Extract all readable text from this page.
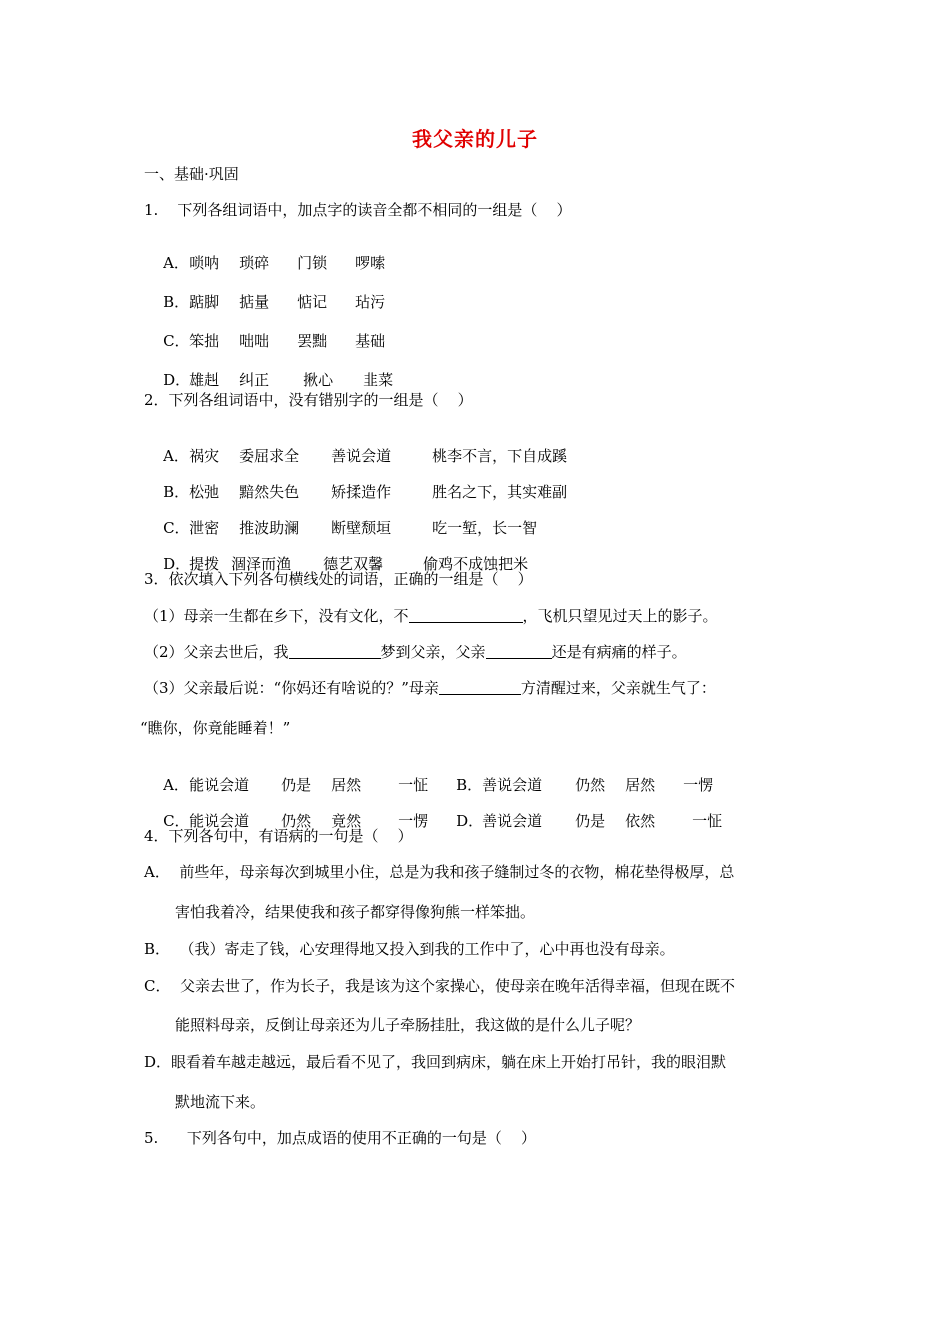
我父亲的儿子
一、基础·巩固
1.    下列各组词语中，加点字的读音全都不相同的一组是（    ）

A．唢呐 琐碎 门锁 啰嗦

B．踮脚 掂量 惦记 玷污

C．笨拙 咄咄 罢黜 基础

D．雄赳 纠正 揪心 韭菜

2．下列各组词语中，没有错别字的一组是（    ）

A．祸灾 委屈求全 善说会道	桃李不言，下自成蹊

B．松弛 黯然失色 矫揉造作	胜名之下，其实难副

C．泄密 推波助澜 断壁颓垣	吃一堑，长一智

D．提拨 涸泽而渔 德艺双馨	偷鸡不成蚀把米

3．依次填入下列各句横线处的词语，正确的一组是（    ）
（1）母亲一生都在乡下，没有文化，不	，飞机只望见过天上的影子。
（2）父亲去世后，我	梦到父亲，父亲	还是有病痛的样子。
（3）父亲最后说：“你妈还有啥说的？”母亲	方清醒过来，父亲就生气了：
“瞧你，你竟能睡着！”

A．能说会道 仍是 居然 一怔 B．善说会道 仍然 居然 一愣

C．能说会道 仍然 竟然 一愣 D．善说会道 仍是 依然 一怔

4．下列各句中，有语病的一句是（    ）
A．  前些年，母亲每次到城里小住，总是为我和孩子缝制过冬的衣物，棉花垫得极厚，总
害怕我着冷，结果使我和孩子都穿得像狗熊一样笨拙。
B．  （我）寄走了钱，心安理得地又投入到我的工作中了，心中再也没有母亲。
C．  父亲去世了，作为长子，我是该为这个家操心，使母亲在晚年活得幸福，但现在既不
能照料母亲，反倒让母亲还为儿子牵肠挂肚，我这做的是什么儿子呢？
D．眼看着车越走越远，最后看不见了，我回到病床，躺在床上开始打吊针，我的眼泪默
默地流下来。
5.      下列各句中，加点成语的使用不正确的一句是（    ）
